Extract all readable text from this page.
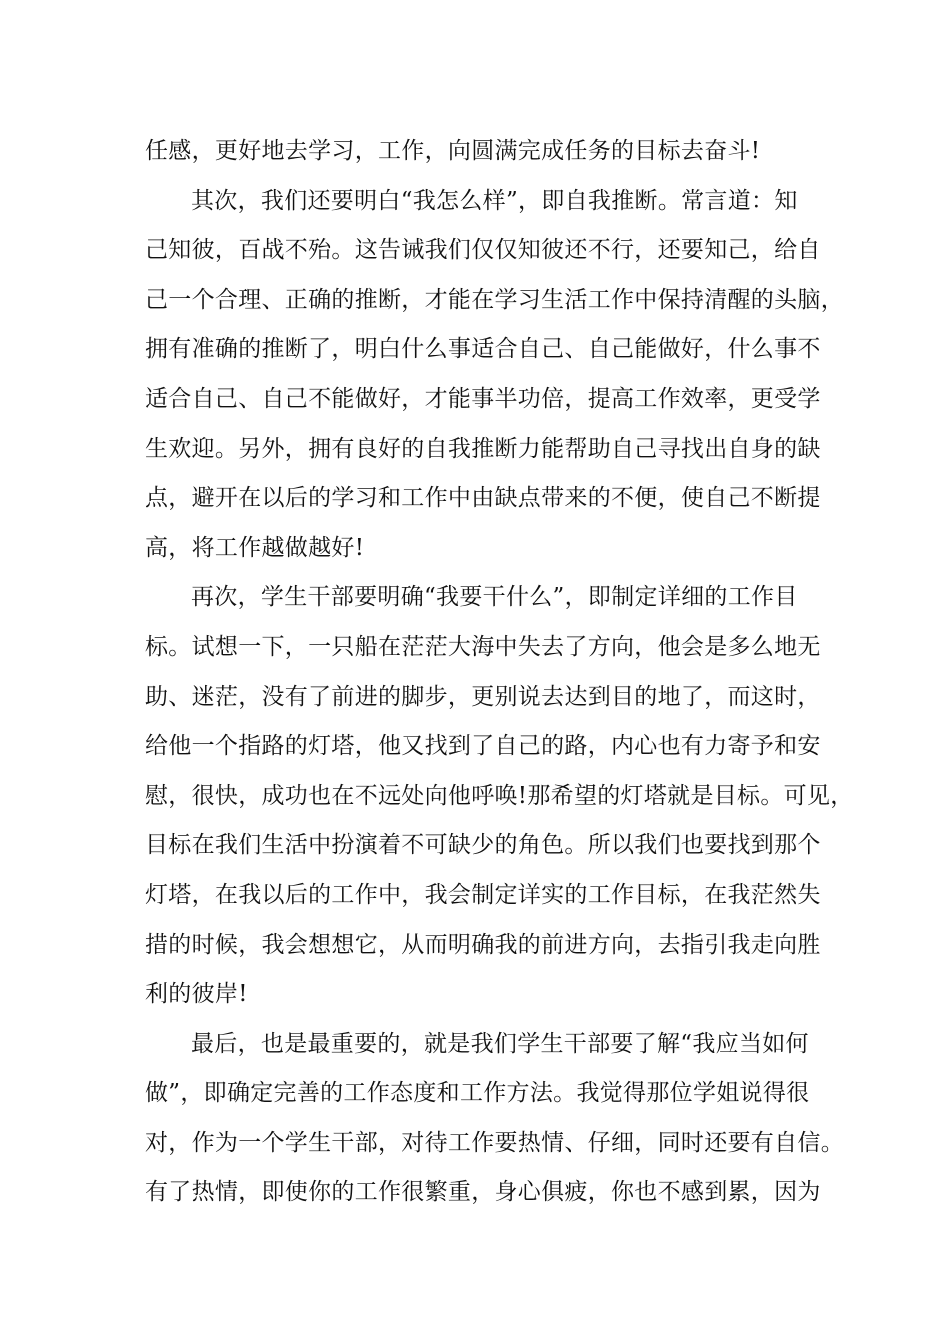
任感，更好地去学习，工作，向圆满完成任务的目标去奋斗!
其次，我们还要明白“我怎么样”，即自我推断。常言道：知
己知彼，百战不殆。这告诫我们仅仅知彼还不行，还要知己，给自
己一个合理、正确的推断，才能在学习生活工作中保持清醒的头脑，
拥有准确的推断了，明白什么事适合自己、自己能做好，什么事不
适合自己、自己不能做好，才能事半功倍，提高工作效率，更受学
生欢迎。另外，拥有良好的自我推断力能帮助自己寻找出自身的缺
点，避开在以后的学习和工作中由缺点带来的不便，使自己不断提
高，将工作越做越好!
再次，学生干部要明确“我要干什么”，即制定详细的工作目
标。试想一下，一只船在茫茫大海中失去了方向，他会是多么地无
助、迷茫，没有了前进的脚步，更别说去达到目的地了，而这时，
给他一个指路的灯塔，他又找到了自己的路，内心也有力寄予和安
慰，很快，成功也在不远处向他呼唤!那希望的灯塔就是目标。可见，
目标在我们生活中扮演着不可缺少的角色。所以我们也要找到那个
灯塔，在我以后的工作中，我会制定详实的工作目标，在我茫然失
措的时候，我会想想它，从而明确我的前进方向，去指引我走向胜
利的彼岸!
最后，也是最重要的，就是我们学生干部要了解“我应当如何
做”，即确定完善的工作态度和工作方法。我觉得那位学姐说得很
对，作为一个学生干部，对待工作要热情、仔细，同时还要有自信。
有了热情，即使你的工作很繁重，身心俱疲，你也不感到累，因为
